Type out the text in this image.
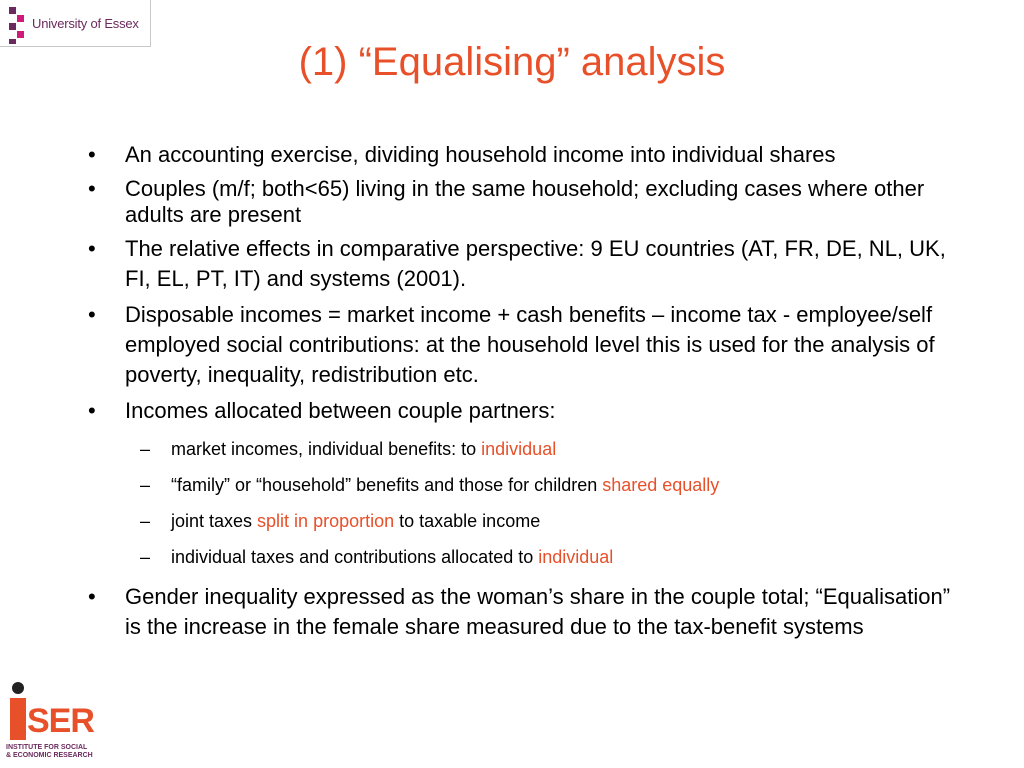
University of Essex
(1) “Equalising” analysis
• An accounting exercise, dividing household income into individual shares
• Couples (m/f; both<65) living in the same household; excluding cases where other adults are present
• The relative effects in comparative perspective: 9 EU countries (AT, FR, DE, NL, UK, FI, EL, PT, IT) and systems (2001).
• Disposable incomes = market income + cash benefits – income tax - employee/self employed social contributions: at the household level this is used for the analysis of poverty, inequality, redistribution etc.
• Incomes allocated between couple partners:
– market incomes, individual benefits: to individual
– “family” or “household” benefits and those for children shared equally
– joint taxes split in proportion to taxable income
– individual taxes and contributions allocated to individual
• Gender inequality expressed as the woman’s share in the couple total; “Equalisation” is the increase in the female share measured due to the tax-benefit systems
SER
INSTITUTE FOR SOCIAL
& ECONOMIC RESEARCH
